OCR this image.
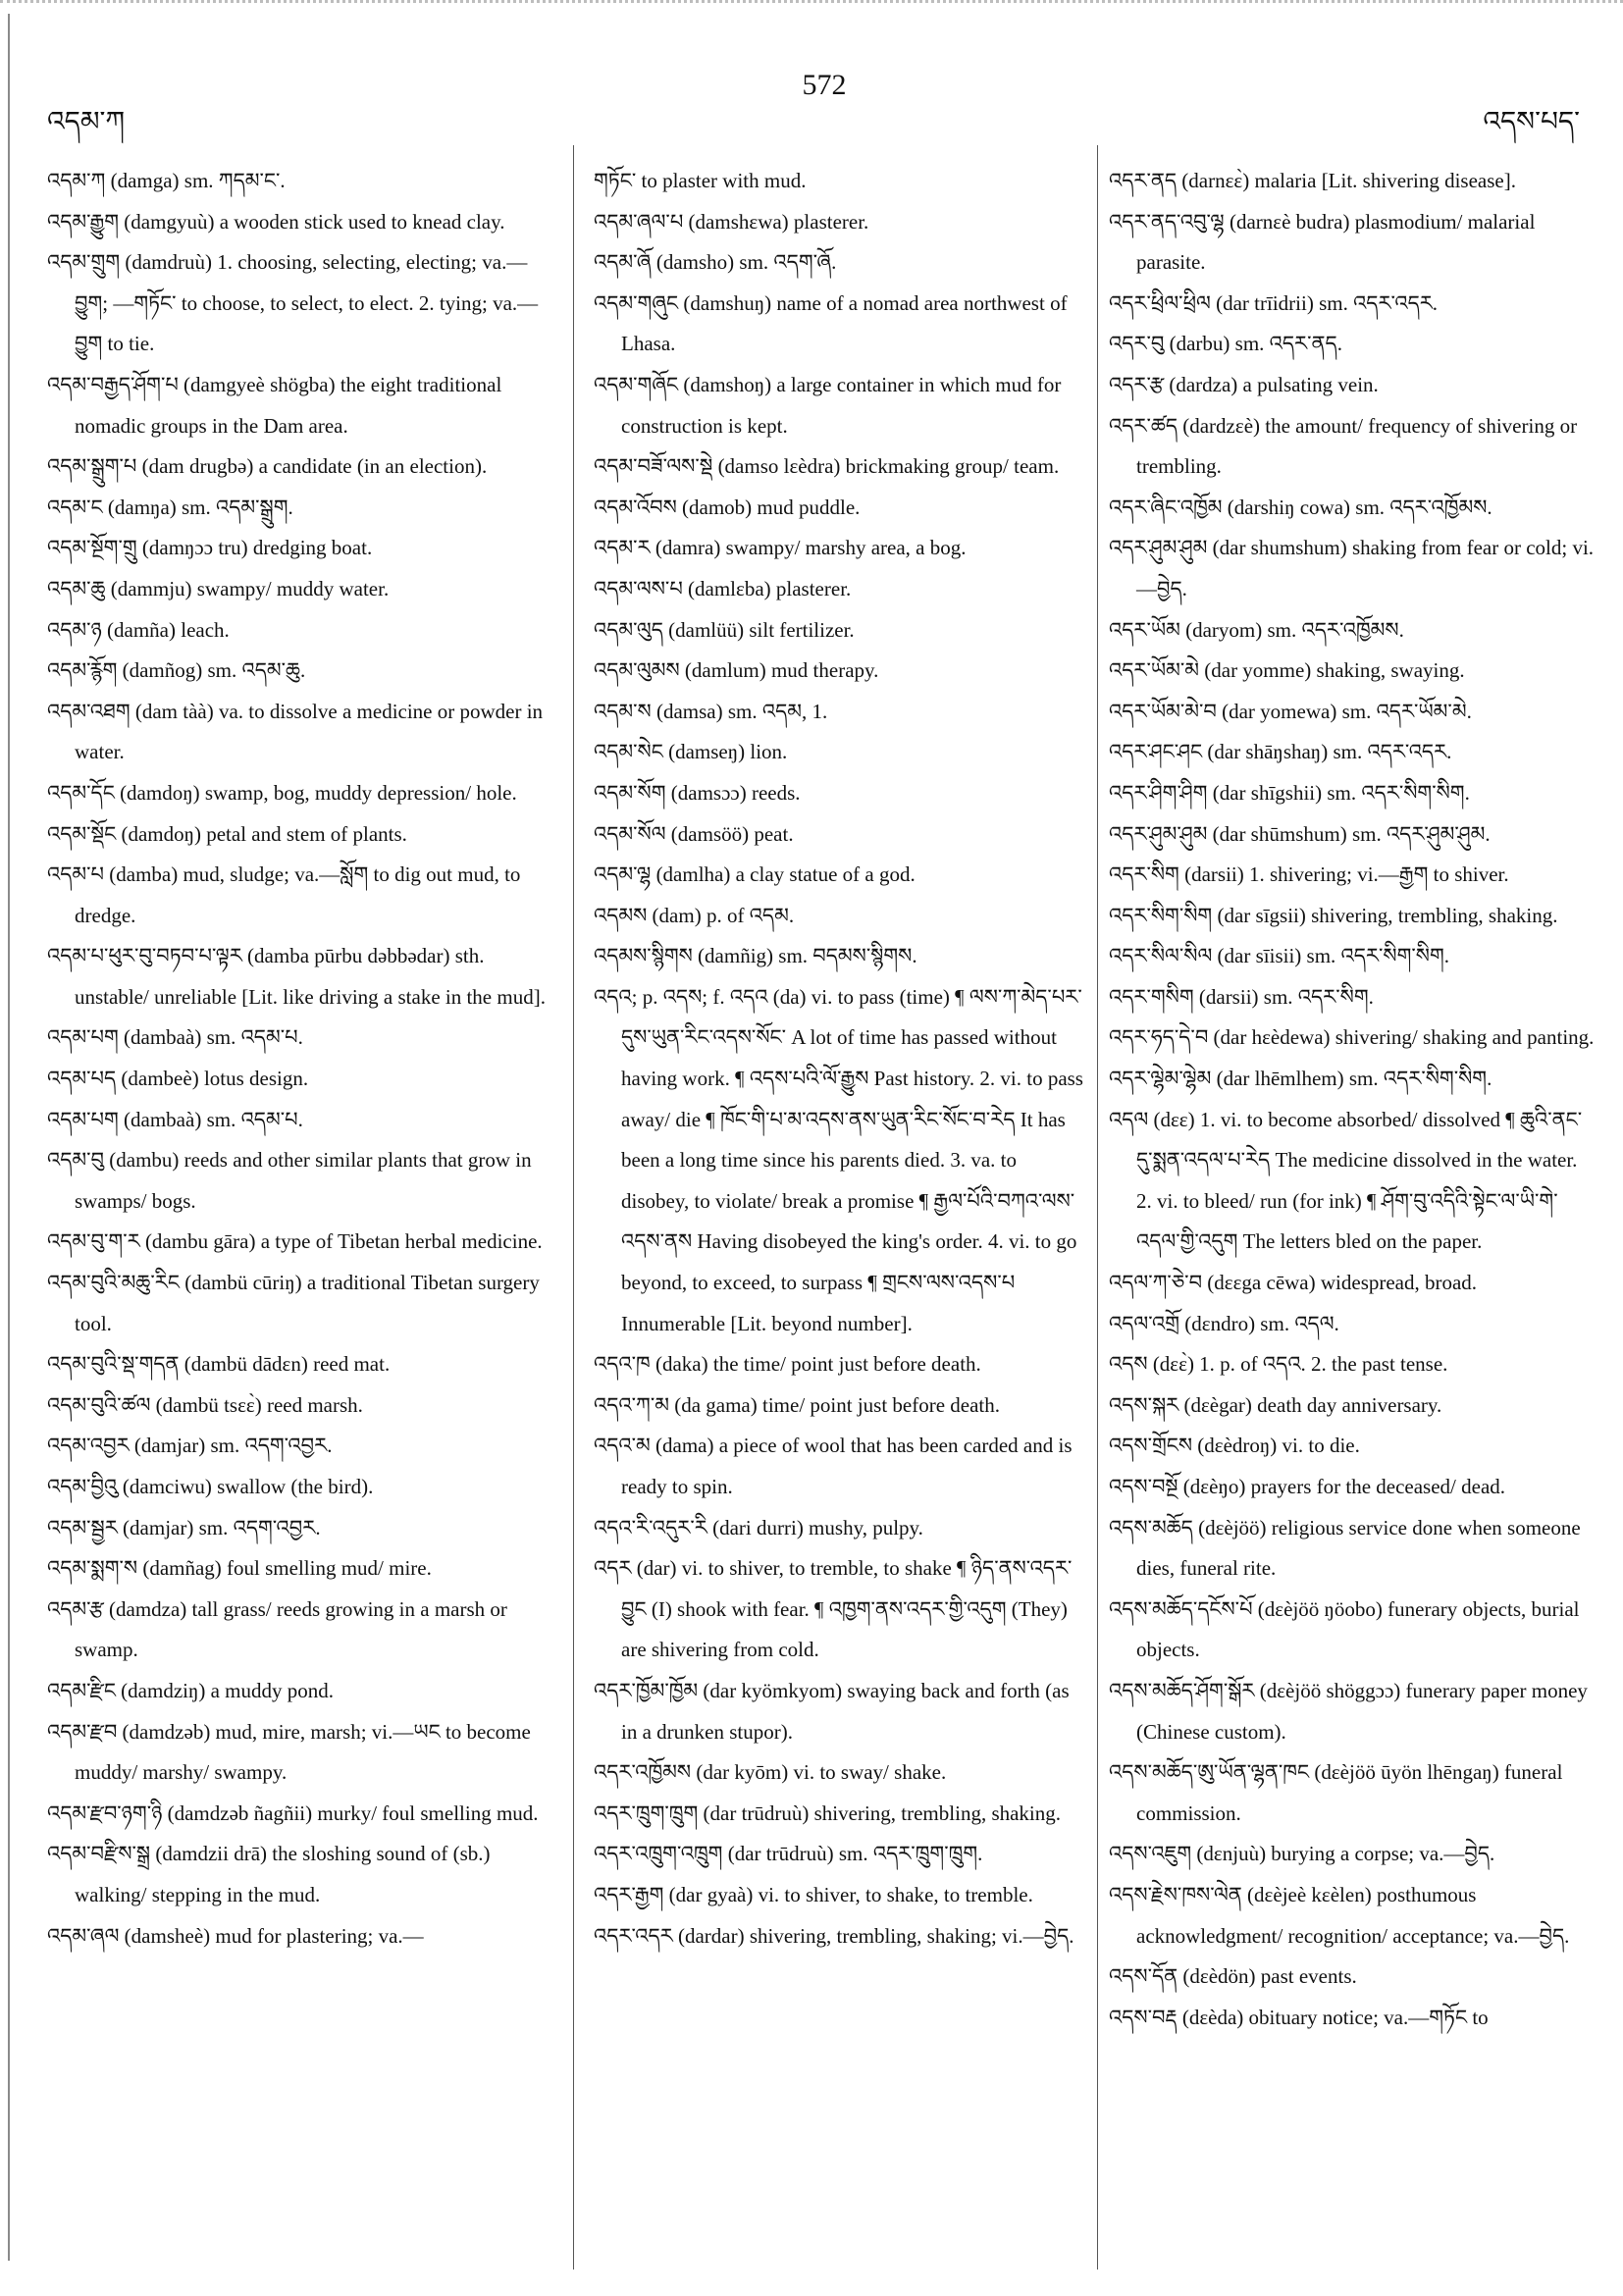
འདམ་ཀ
572
འདས་པད་

འདམ་ཀ (damga) sm. ཀདམ་ང་.

འདམ་རྒྱུག (damgyuù) a wooden stick used to knead clay.

འདམ་གྲུག (damdruù) 1. choosing, selecting, electing; va.—བྱུག; —གཏོང་ to choose, to select, to elect. 2. tying; va.—བྱུག to tie.

འདམ་བརྒྱད་ཤོག་པ (damgyeè shögba) the eight traditional nomadic groups in the Dam area.

འདམ་སྒྲུག་པ (dam drugbə) a candidate (in an election).

འདམ་ང (damŋa) sm. འདམ་སྒྲུག.

འདམ་སྔོག་གྲུ (damŋɔɔ tru) dredging boat.

འདམ་ཆུ (dammju) swampy/ muddy water.

འདམ་ཉ (damña) leach.

འདམ་རྙོག (damñog) sm. འདམ་ཆུ.

འདམ་འཐག (dam tàà) va. to dissolve a medicine or powder in water.

འདམ་དོང (damdoŋ) swamp, bog, muddy depression/ hole.

འདམ་སྡོང (damdoŋ) petal and stem of plants.

འདམ་པ (damba) mud, sludge; va.—སློག to dig out mud, to dredge.

འདམ་པ་ཕུར་བུ་བཏབ་པ་ལྟར (damba pūrbu dəbbədar) sth. unstable/ unreliable [Lit. like driving a stake in the mud].

འདམ་པག (dambaà) sm. འདམ་པ.

འདམ་པད (dambeè) lotus design.

འདམ་པག (dambaà) sm. འདམ་པ.

འདམ་བུ (dambu) reeds and other similar plants that grow in swamps/ bogs.

འདམ་བུ་ག་ར (dambu gāra) a type of Tibetan herbal medicine.

འདམ་བུའི་མཆུ་རིང (dambü cūriŋ) a traditional Tibetan surgery tool.

འདམ་བུའི་སྡ་གདན (dambü dādɛn) reed mat.

འདམ་བུའི་ཚལ (dambü tsɛɛ̀) reed marsh.

འདམ་འབྱར (damjar) sm. འདག་འབྱར.

འདམ་བྱིའུ (damciwu) swallow (the bird).

འདམ་སྦྱར (damjar) sm. འདག་འབྱར.

འདམ་སྨག་ས (damñag) foul smelling mud/ mire.

འདམ་རྩ (damdza) tall grass/ reeds growing in a marsh or swamp.

འདམ་རྫིང (damdziŋ) a muddy pond.

འདམ་རྫབ (damdzəb) mud, mire, marsh; vi.—ཡང to become muddy/ marshy/ swampy.

འདམ་རྫབ་ཉག་ཉི (damdzəb ñagñii) murky/ foul smelling mud.

འདམ་བརྫིས་སྒྲ (damdzii drā) the sloshing sound of (sb.) walking/ stepping in the mud.

འདམ་ཞལ (damsheè) mud for plastering; va.—

གཏོང་ to plaster with mud.

འདམ་ཞལ་པ (damshɛwa) plasterer.

འདམ་ཞོ (damsho) sm. འདག་ཞོ.

འདམ་གཞུང (damshuŋ) name of a nomad area northwest of Lhasa.

འདམ་གཞོང (damshoŋ) a large container in which mud for construction is kept.

འདམ་བཟོ་ལས་སྡེ (damso lɛèdra) brickmaking group/ team.

འདམ་འོབས (damob) mud puddle.

འདམ་ར (damra) swampy/ marshy area, a bog.

འདམ་ལས་པ (damlɛba) plasterer.

འདམ་ལུད (damlüü) silt fertilizer.

འདམ་ལུམས (damlum) mud therapy.

འདམ་ས (damsa) sm. འདམ, 1.

འདམ་སེང (damseŋ) lion.

འདམ་སོག (damsɔɔ) reeds.

འདམ་སོལ (damsöö) peat.

འདམ་ལྷ (damlha) a clay statue of a god.

འདམས (dam) p. of འདམ.

འདམས་སྙིགས (damñig) sm. བདམས་སྙིགས.

འདའ; p. འདས; f. འདའ (da) vi. to pass (time) ¶ ལས་ཀ་མེད་པར་དུས་ཡུན་རིང་འདས་སོང་ A lot of time has passed without having work. ¶ འདས་པའི་ལོ་རྒྱུས Past history. 2. vi. to pass away/ die ¶ ཁོང་གི་པ་མ་འདས་ནས་ཡུན་རིང་སོང་བ་རེད It has been a long time since his parents died. 3. va. to disobey, to violate/ break a promise ¶ རྒྱལ་པོའི་བཀའ་ལས་འདས་ནས Having disobeyed the king's order. 4. vi. to go beyond, to exceed, to surpass ¶ གྲངས་ལས་འདས་པ Innumerable [Lit. beyond number].

འདའ་ཁ (daka) the time/ point just before death.

འདའ་ཀ་མ (da gama) time/ point just before death.

འདའ་མ (dama) a piece of wool that has been carded and is ready to spin.

འདའ་རི་འདུར་རི (dari durri) mushy, pulpy.

འདར (dar) vi. to shiver, to tremble, to shake ¶ ཉིད་ནས་འདར་བྱུང (I) shook with fear. ¶ འཁྱག་ནས་འདར་གྱི་འདུག (They) are shivering from cold.

འདར་ཁྱོམ་ཁྱོམ (dar kyömkyom) swaying back and forth (as in a drunken stupor).

འདར་འཁྱོམས (dar kyōm) vi. to sway/ shake.

འདར་ཁྲུག་ཁྲུག (dar trūdruù) shivering, trembling, shaking.

འདར་འཁྲུག་འཁྲུག (dar trūdruù) sm. འདར་ཁྲུག་ཁྲུག.

འདར་རྒྱག (dar gyaà) vi. to shiver, to shake, to tremble.

འདར་འདར (dardar) shivering, trembling, shaking; vi.—བྱེད.

འདར་ནད (darnɛɛ̀) malaria [Lit. shivering disease].

འདར་ནད་འབུ་ལྷ (darnɛè budra) plasmodium/ malarial parasite.

འདར་ཕྲིལ་ཕྲིལ (dar trīidrii) sm. འདར་འདར.

འདར་བུ (darbu) sm. འདར་ནད.

འདར་རྩ (dardza) a pulsating vein.

འདར་ཚད (dardzɛè) the amount/ frequency of shivering or trembling.

འདར་ཞིང་འཁྱོམ (darshiŋ cowa) sm. འདར་འཁྱོམས.

འདར་ཤུམ་ཤུམ (dar shumshum) shaking from fear or cold; vi.—བྱེད.

འདར་ཡོམ (daryom) sm. འདར་འཁྱོམས.

འདར་ཡོམ་མེ (dar yomme) shaking, swaying.

འདར་ཡོམ་མེ་བ (dar yomewa) sm. འདར་ཡོམ་མེ.

འདར་ཤང་ཤང (dar shāŋshaŋ) sm. འདར་འདར.

འདར་ཤིག་ཤིག (dar shīgshii) sm. འདར་སིག་སིག.

འདར་ཤུམ་ཤུམ (dar shūmshum) sm. འདར་ཤུམ་ཤུམ.

འདར་སིག (darsii) 1. shivering; vi.—རྒྱག to shiver.

འདར་སིག་སིག (dar sīgsii) shivering, trembling, shaking.

འདར་སིལ་སིལ (dar sīisii) sm. འདར་སིག་སིག.

འདར་གསིག (darsii) sm. འདར་སིག.

འདར་ཧད་དེ་བ (dar hɛèdewa) shivering/ shaking and panting.

འདར་ལྷེམ་ལྷེམ (dar lhēmlhem) sm. འདར་སིག་སིག.

འདལ (dɛɛ) 1. vi. to become absorbed/ dissolved ¶ ཆུའི་ནང་དུ་སྨན་འདལ་པ་རེད The medicine dissolved in the water. 2. vi. to bleed/ run (for ink) ¶ ཤོག་བུ་འདིའི་སྟེང་ལ་ཡི་གེ་འདལ་གྱི་འདུག The letters bled on the paper.

འདལ་ཀ་ཅེ་བ (dɛɛga cēwa) widespread, broad.

འདལ་འགྲོ (dɛndro) sm. འདལ.

འདས (dɛɛ̀) 1. p. of འདའ. 2. the past tense.

འདས་སྐར (dɛègar) death day anniversary.

འདས་གྲོངས (dɛèdroŋ) vi. to die.

འདས་བསྔོ (dɛèŋo) prayers for the deceased/ dead.

འདས་མཆོད (dɛèjöö) religious service done when someone dies, funeral rite.

འདས་མཆོད་དངོས་པོ (dɛèjöö ŋöobo) funerary objects, burial objects.

འདས་མཆོད་ཤོག་སྒོར (dɛèjöö shöggɔɔ) funerary paper money (Chinese custom).

འདས་མཆོད་ཨུ་ཡོན་ལྷན་ཁང (dɛèjöö ūyön lhēngaŋ) funeral commission.

འདས་འཇུག (dɛnjuù) burying a corpse; va.—བྱེད.

འདས་རྗེས་ཁས་ལེན (dɛèjeè kɛèlen) posthumous acknowledgment/ recognition/ acceptance; va.—བྱེད.

འདས་དོན (dɛèdön) past events.

འདས་བརྡ (dɛèda) obituary notice; va.—གཏོང to
